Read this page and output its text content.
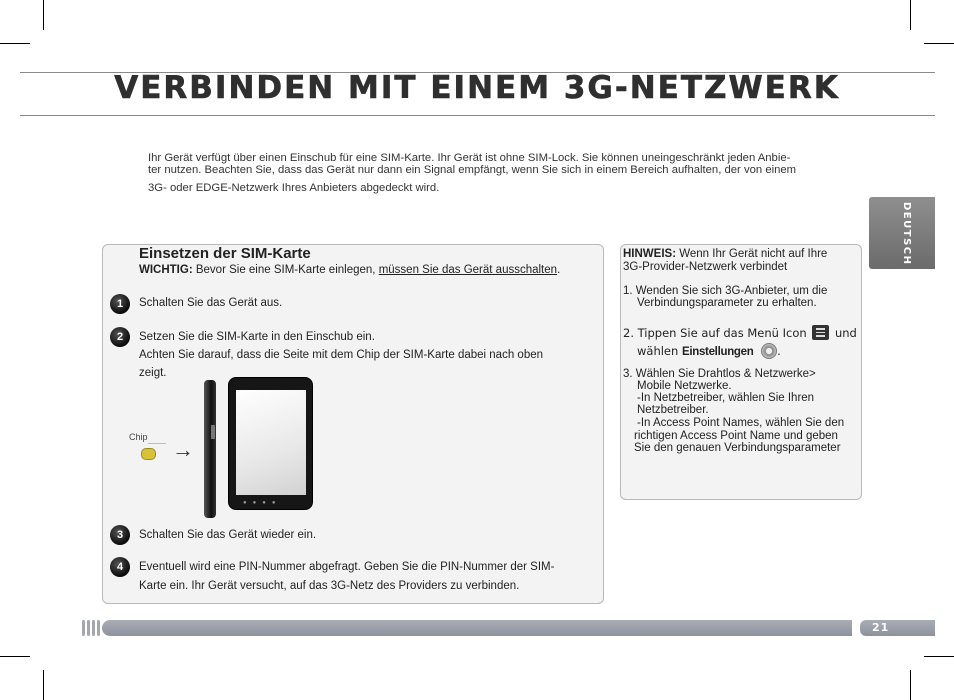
VERBINDEN MIT EINEM 3G-NETZWERK
Ihr Gerät verfügt über einen Einschub für eine SIM-Karte. Ihr Gerät ist ohne SIM-Lock. Sie können uneingeschränkt jeden Anbie-
ter nutzen. Beachten Sie, dass das Gerät nur dann ein Signal empfängt, wenn Sie sich in einem Bereich aufhalten, der von einem
3G- oder EDGE-Netzwerk Ihres Anbieters abgedeckt wird.
DEUTSCH
Einsetzen der SIM-Karte
WICHTIG: Bevor Sie eine SIM-Karte einlegen, müssen Sie das Gerät ausschalten.
1	Schalten Sie das Gerät aus.
2	Setzen Sie die SIM-Karte in den Einschub ein.
Achten Sie darauf, dass die Seite mit dem Chip der SIM-Karte dabei nach oben
zeigt.
Chip →
●●●●
3	Schalten Sie das Gerät wieder ein.
4	Eventuell wird eine PIN-Nummer abgefragt. Geben Sie die PIN-Nummer der SIM-
Karte ein. Ihr Gerät versucht, auf das 3G-Netz des Providers zu verbinden.
HINWEIS: Wenn Ihr Gerät nicht auf Ihre
3G-Provider-Netzwerk verbindet
1. Wenden Sie sich 3G-Anbieter, um die
Verbindungsparameter zu erhalten.
2. Tippen Sie auf das Menü Icon und
wählen Einstellungen .
3. Wählen Sie Drahtlos & Netzwerke>
Mobile Netzwerke.
-In Netzbetreiber, wählen Sie Ihren
Netzbetreiber.
-In Access Point Names, wählen Sie den
richtigen Access Point Name und geben
Sie den genauen Verbindungsparameter
21
